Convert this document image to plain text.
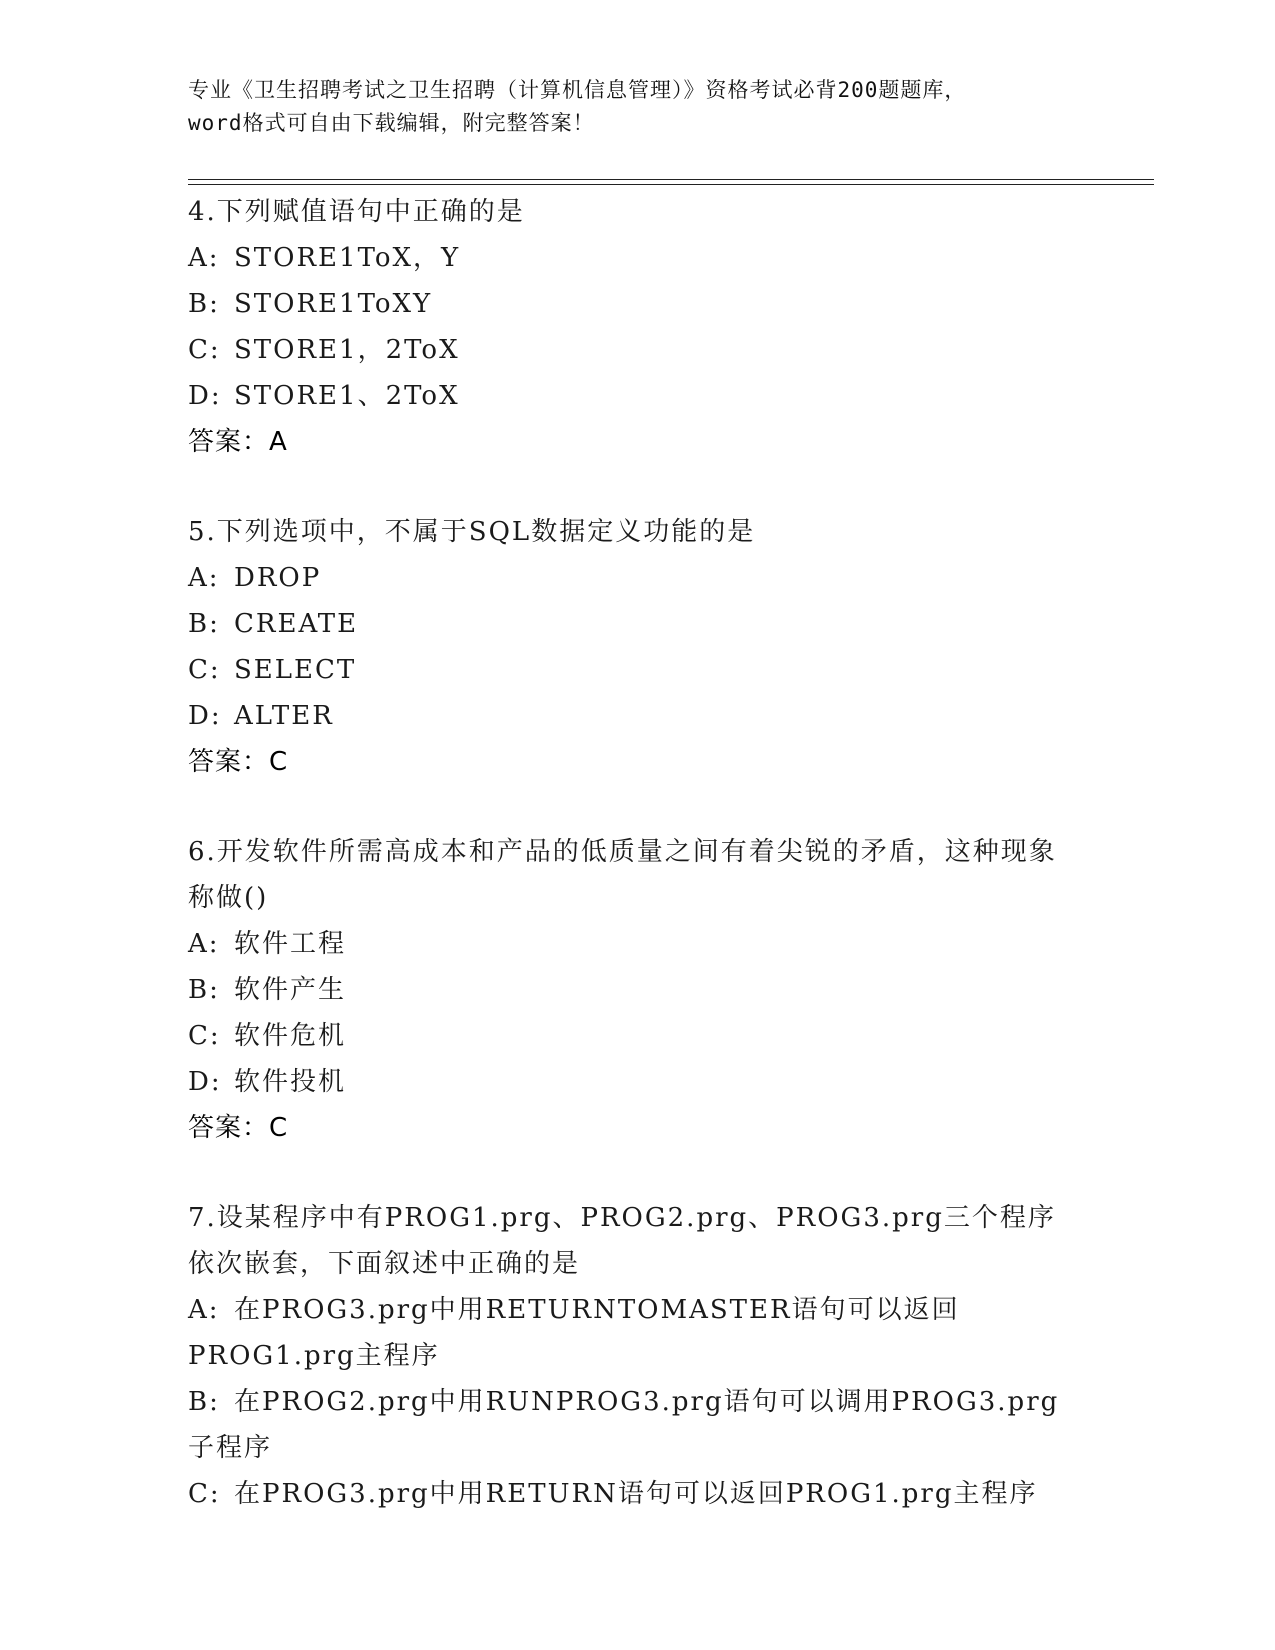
专业《卫生招聘考试之卫生招聘（计算机信息管理）》资格考试必背200题题库，
word格式可自由下载编辑，附完整答案！
4.下列赋值语句中正确的是
A: STORE1ToX，Y
B: STORE1ToXY
C: STORE1，2ToX
D: STORE1、2ToX
答案：A
5.下列选项中，不属于SQL数据定义功能的是
A: DROP
B: CREATE
C: SELECT
D: ALTER
答案：C
6.开发软件所需高成本和产品的低质量之间有着尖锐的矛盾，这种现象称做()
A: 软件工程
B: 软件产生
C: 软件危机
D: 软件投机
答案：C
7.设某程序中有PROG1.prg、PROG2.prg、PROG3.prg三个程序依次嵌套，下面叙述中正确的是
A: 在PROG3.prg中用RETURNTOMASTER语句可以返回PROG1.prg主程序
B: 在PROG2.prg中用RUNPROG3.prg语句可以调用PROG3.prg子程序
C: 在PROG3.prg中用RETURN语句可以返回PROG1.prg主程序
